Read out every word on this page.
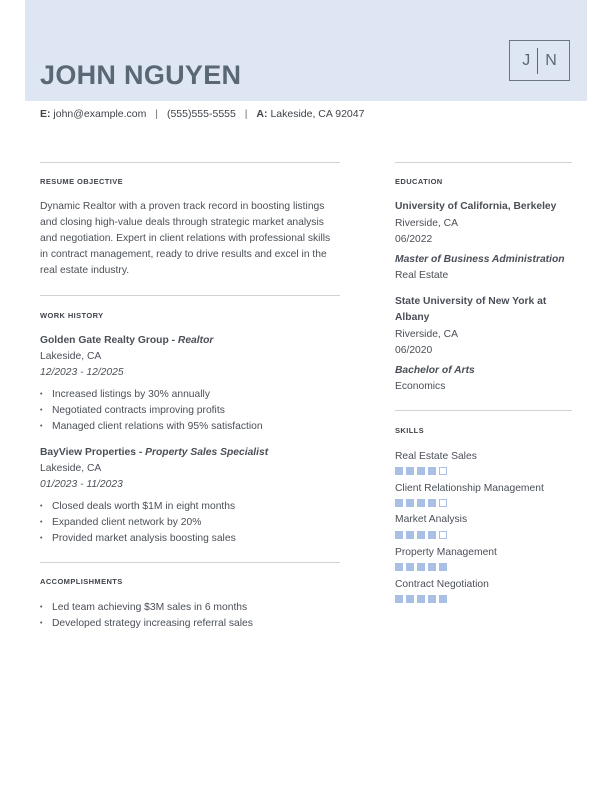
JOHN NGUYEN	J N
E: john@example.com | (555)555-5555 | A: Lakeside, CA 92047
RESUME OBJECTIVE
Dynamic Realtor with a proven track record in boosting listings and closing high-value deals through strategic market analysis and negotiation. Expert in client relations with professional skills in contract management, ready to drive results and excel in the real estate industry.
WORK HISTORY
Golden Gate Realty Group - Realtor
Lakeside, CA
12/2023 - 12/2025
• Increased listings by 30% annually
• Negotiated contracts improving profits
• Managed client relations with 95% satisfaction
BayView Properties - Property Sales Specialist
Lakeside, CA
01/2023 - 11/2023
• Closed deals worth $1M in eight months
• Expanded client network by 20%
• Provided market analysis boosting sales
ACCOMPLISHMENTS
• Led team achieving $3M sales in 6 months
• Developed strategy increasing referral sales
EDUCATION
University of California, Berkeley
Riverside, CA
06/2022
Master of Business Administration
Real Estate
State University of New York at
Albany
Riverside, CA
06/2020
Bachelor of Arts
Economics
SKILLS
Real Estate Sales
Client Relationship Management
Market Analysis
Property Management
Contract Negotiation
